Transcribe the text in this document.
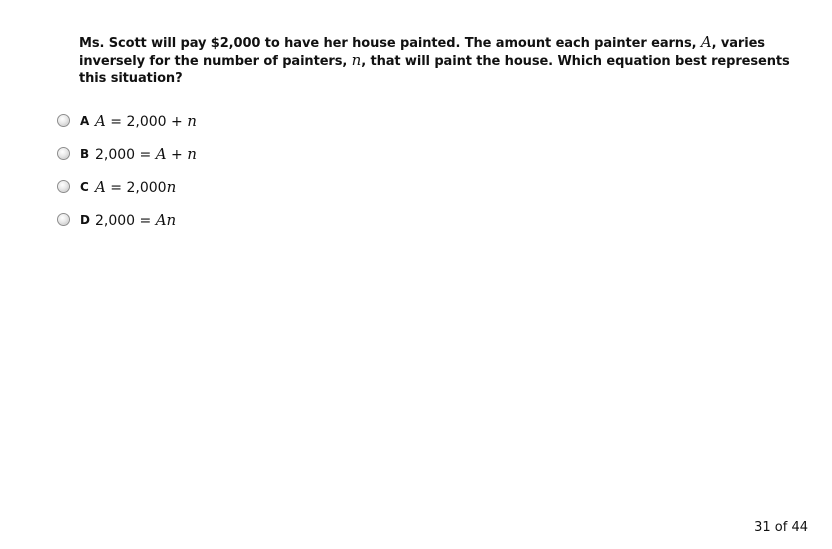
Ms. Scott will pay $2,000 to have her house painted. The amount each painter earns, A, varies
inversely for the number of painters, n, that will paint the house. Which equation best represents
this situation?
A A = 2,000 + n
B 2,000 = A + n
C A = 2,000n
D 2,000 = An
31 of 44
